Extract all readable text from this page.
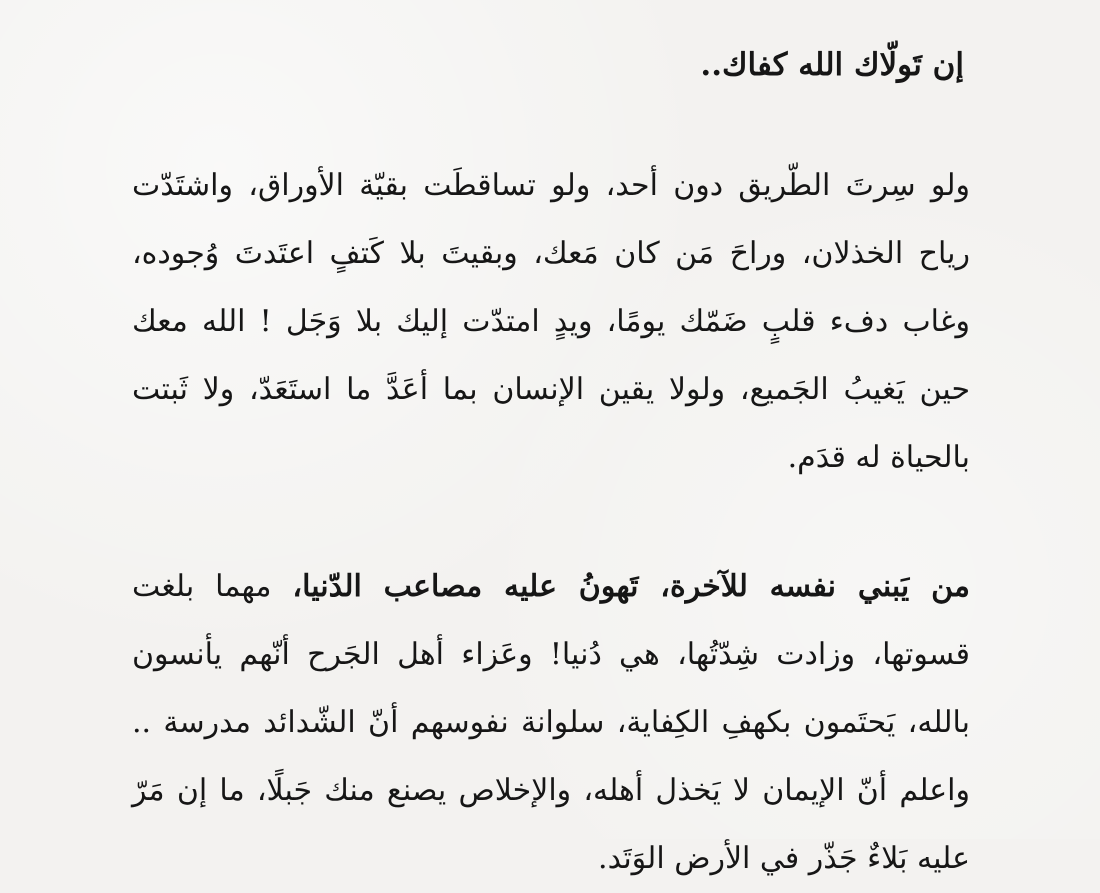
إن تَولّاك الله كفاك..

ولو سِرتَ الطّريق دون أحد، ولو تساقطَت بقيّة الأوراق، واشتَدّت رياح الخذلان، وراحَ مَن كان مَعك، وبقيتَ بلا كَتفٍ اعتَدتَ وُجوده، وغاب دفء قلبٍ ضَمّك يومًا، ويدٍ امتدّت إليك بلا وَجَل ! الله معك حين يَغيبُ الجَميع، ولولا يقين الإنسان بما أعَدَّ ما استَعَدّ، ولا ثَبتت بالحياة له قدَم.

من يَبني نفسه للآخرة، تَهونُ عليه مصاعب الدّنيا، مهما بلغت قسوتها، وزادت شِدّتُها، هي دُنيا! وعَزاء أهل الجَرح أنّهم يأنسون بالله، يَحتَمون بكهفِ الكِفاية، سلوانة نفوسهم أنّ الشّدائد مدرسة .. واعلم أنّ الإيمان لا يَخذل أهله، والإخلاص يصنع منك جَبلًا، ما إن مَرّ عليه بَلاءٌ جَذّر في الأرض الوَتَد.
